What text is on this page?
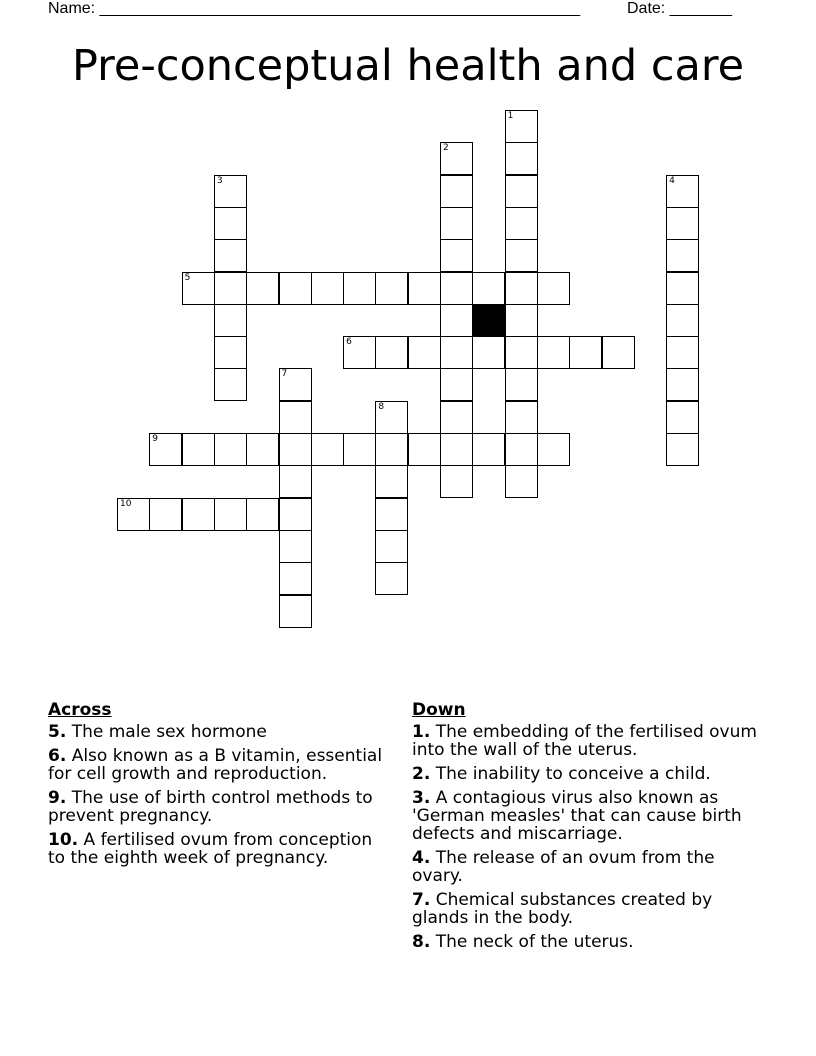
Name: ______________________________________________________	Date: _______
Pre-conceptual health and care
1
2
3	4
5
6
7
8
9
10
Across
5. The male sex hormone
6. Also known as a B vitamin, essential for cell growth and reproduction.
9. The use of birth control methods to prevent pregnancy.
10. A fertilised ovum from conception to the eighth week of pregnancy.
Down
1. The embedding of the fertilised ovum into the wall of the uterus.
2. The inability to conceive a child.
3. A contagious virus also known as 'German measles' that can cause birth defects and miscarriage.
4. The release of an ovum from the ovary.
7. Chemical substances created by glands in the body.
8. The neck of the uterus.
